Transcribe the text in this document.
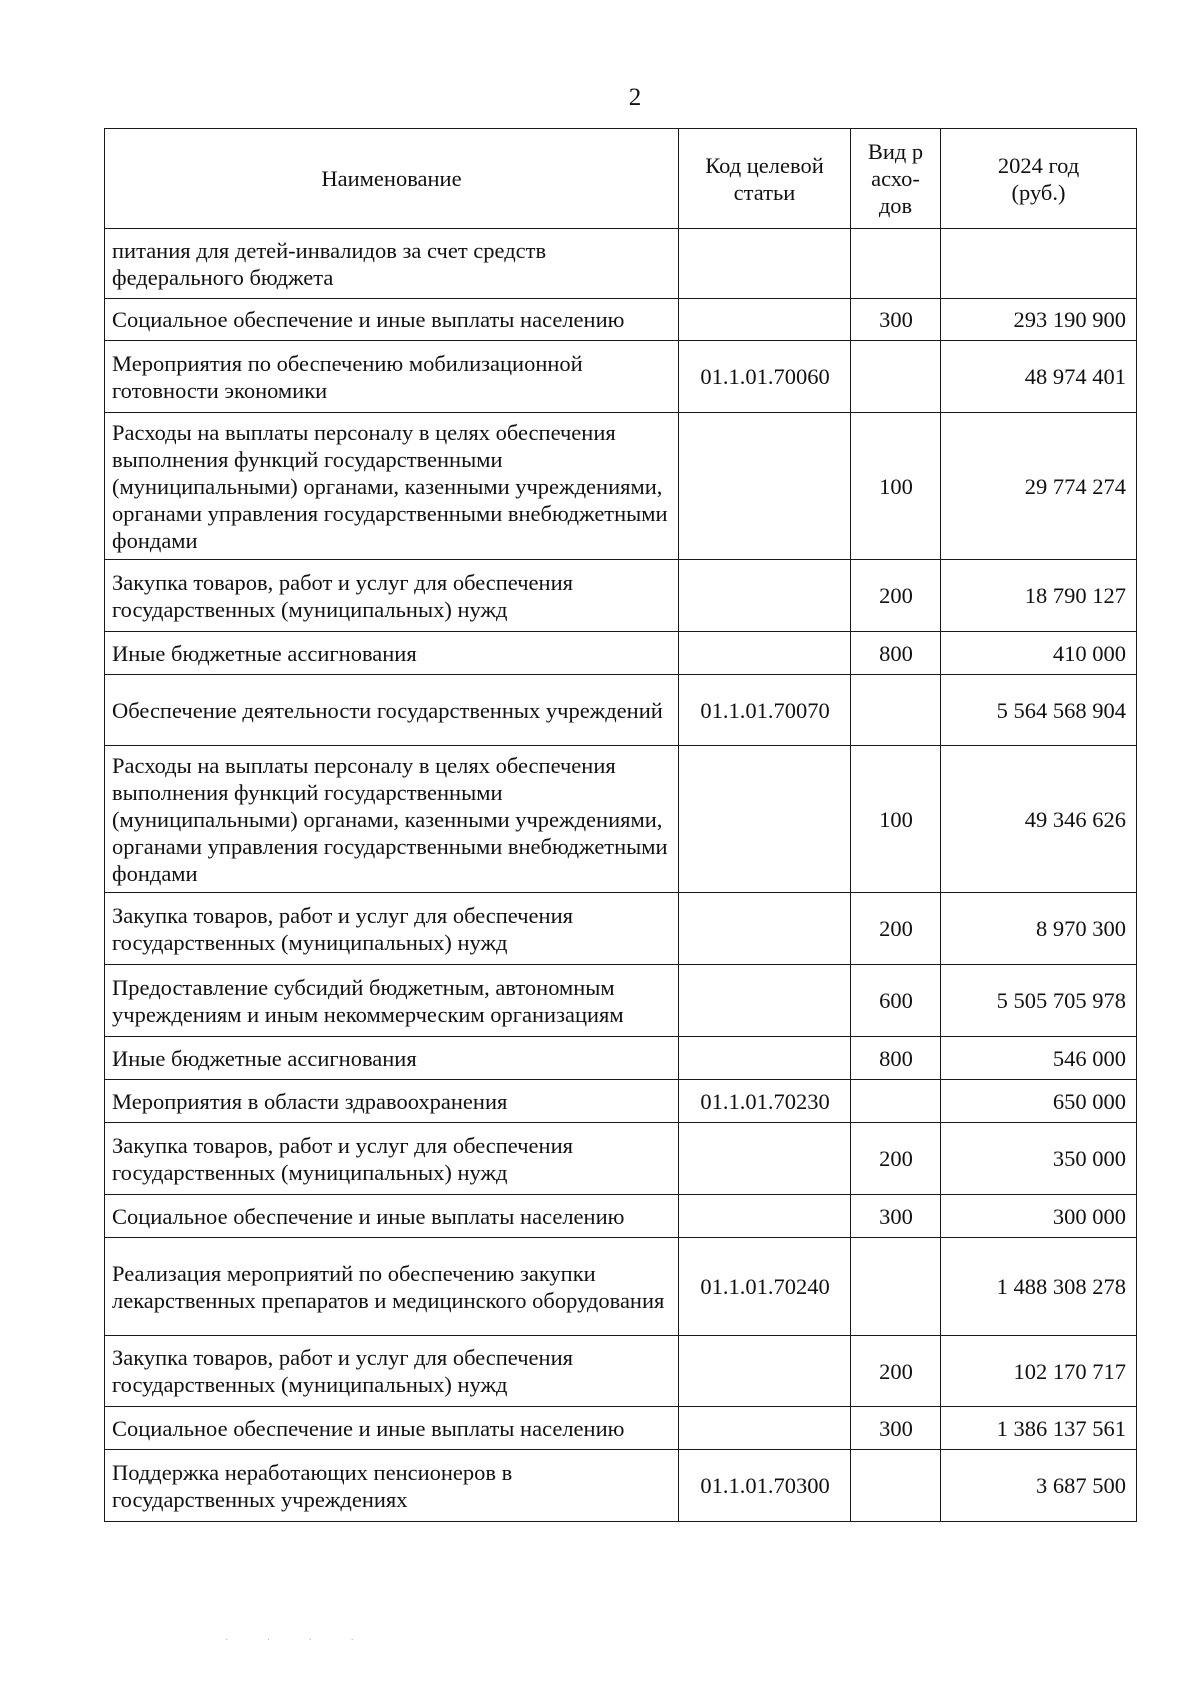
2
Наименование	Код целевой статьи	Вид расхо-дов	2024 год (руб.)

питания для детей-инвалидов за счет средств федерального бюджета			
Социальное обеспечение и иные выплаты населению		300	293 190 900
Мероприятия по обеспечению мобилизационной готовности экономики	01.1.01.70060		48 974 401
Расходы на выплаты персоналу в целях обеспечения выполнения функций государственными (муниципальными) органами, казенными учреждениями, органами управления государственными внебюджетными фондами		100	29 774 274
Закупка товаров, работ и услуг для обеспечения государственных (муниципальных) нужд		200	18 790 127
Иные бюджетные ассигнования		800	410 000
Обеспечение деятельности государственных учреждений	01.1.01.70070		5 564 568 904
Расходы на выплаты персоналу в целях обеспечения выполнения функций государственными (муниципальными) органами, казенными учреждениями, органами управления государственными внебюджетными фондами		100	49 346 626
Закупка товаров, работ и услуг для обеспечения государственных (муниципальных) нужд		200	8 970 300
Предоставление субсидий бюджетным, автономным учреждениям и иным некоммерческим организациям		600	5 505 705 978
Иные бюджетные ассигнования		800	546 000
Мероприятия в области здравоохранения	01.1.01.70230		650 000
Закупка товаров, работ и услуг для обеспечения государственных (муниципальных) нужд		200	350 000
Социальное обеспечение и иные выплаты населению		300	300 000
Реализация мероприятий по обеспечению закупки лекарственных препаратов и медицинского оборудования	01.1.01.70240		1 488 308 278
Закупка товаров, работ и услуг для обеспечения государственных (муниципальных) нужд		200	102 170 717
Социальное обеспечение и иные выплаты населению		300	1 386 137 561
Поддержка неработающих пенсионеров в государственных учреждениях	01.1.01.70300		3 687 500
· · · ·
